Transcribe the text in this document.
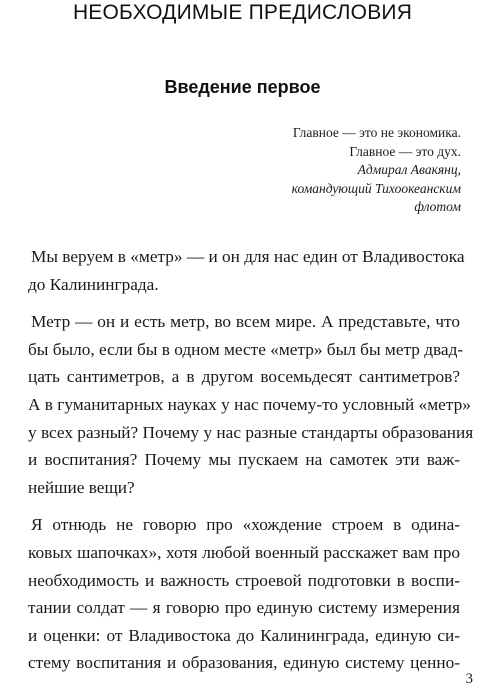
НЕОБХОДИМЫЕ ПРЕДИСЛОВИЯ
Введение первое
Главное — это не экономика.
Главное — это дух.
Адмирал Авакянц,
командующий Тихоокеанским
флотом

Мы веруем в «метр» — и он для нас един от Владивостока
до Калининграда.

Метр — он и есть метр, во всем мире. А представьте, что
бы было, если бы в одном месте «метр» был бы метр двад-
цать сантиметров, а в другом восемьдесят сантиметров?
А в гуманитарных науках у нас почему-то условный «метр»
у всех разный? Почему у нас разные стандарты образования
и воспитания? Почему мы пускаем на самотек эти важ-
нейшие вещи?

Я отнюдь не говорю про «хождение строем в одина-
ковых шапочках», хотя любой военный расскажет вам про
необходимость и важность строевой подготовки в воспи-
тании солдат — я говорю про единую систему измерения
и оценки: от Владивостока до Калининграда, единую си-
стему воспитания и образования, единую систему ценно-

3
